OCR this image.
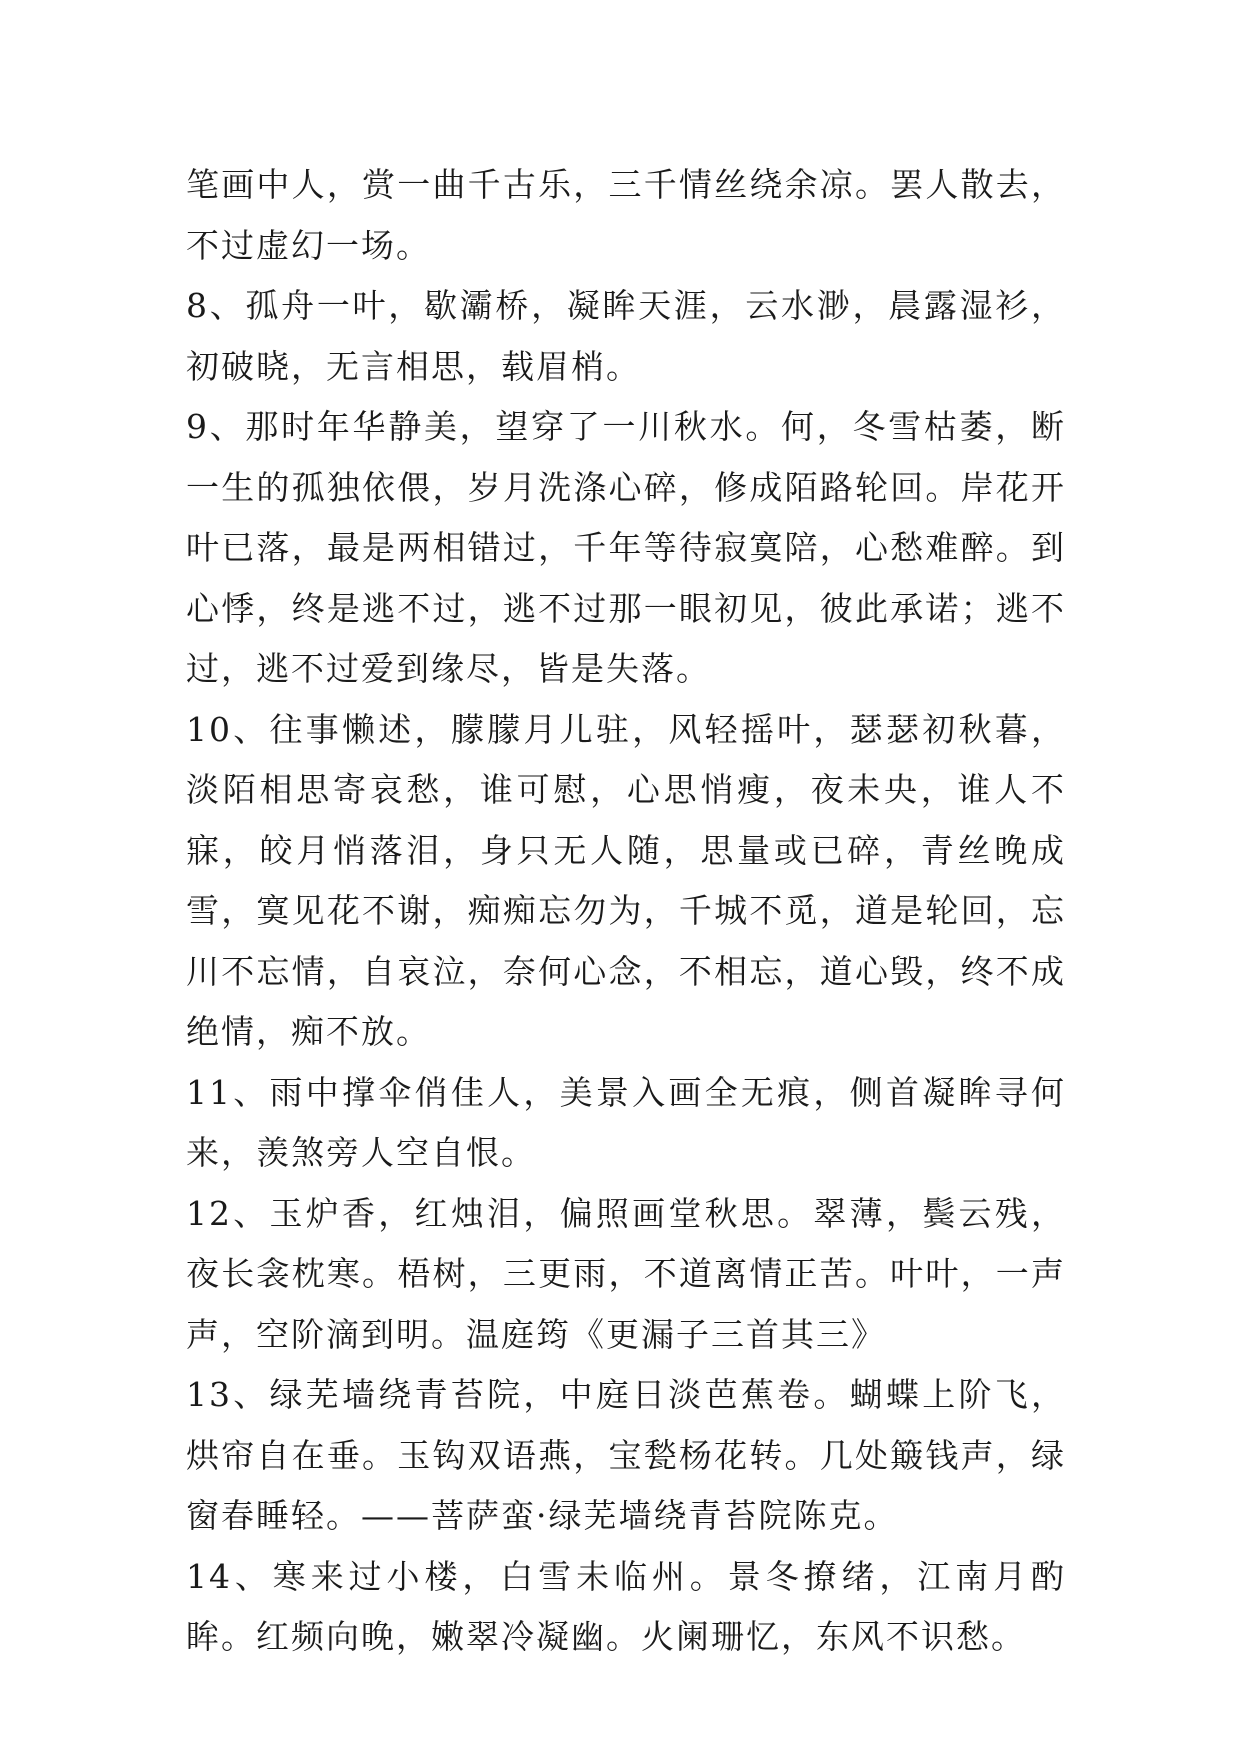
笔画中人，赏一曲千古乐，三千情丝绕余凉。罢人散去，不过虚幻一场。

8、孤舟一叶，歇灞桥，凝眸天涯，云水渺，晨露湿衫，初破晓，无言相思，载眉梢。

9、那时年华静美，望穿了一川秋水。何，冬雪枯萎，断一生的孤独依偎，岁月洗涤心碎，修成陌路轮回。岸花开叶已落，最是两相错过，千年等待寂寞陪，心愁难醉。到心悸，终是逃不过，逃不过那一眼初见，彼此承诺；逃不过，逃不过爱到缘尽，皆是失落。

10、往事懒述，朦朦月儿驻，风轻摇叶，瑟瑟初秋暮，淡陌相思寄哀愁，谁可慰，心思悄瘦，夜未央，谁人不寐，皎月悄落泪，身只无人随，思量或已碎，青丝晚成雪，寞见花不谢，痴痴忘勿为，千城不觅，道是轮回，忘川不忘情，自哀泣，奈何心念，不相忘，道心毁，终不成绝情，痴不放。

11、雨中撑伞俏佳人，美景入画全无痕，侧首凝眸寻何来，羡煞旁人空自恨。

12、玉炉香，红烛泪，偏照画堂秋思。翠薄，鬓云残，夜长衾枕寒。梧树，三更雨，不道离情正苦。叶叶，一声声，空阶滴到明。温庭筠《更漏子三首其三》

13、绿芜墙绕青苔院，中庭日淡芭蕉卷。蝴蝶上阶飞，烘帘自在垂。玉钩双语燕，宝甃杨花转。几处簸钱声，绿窗春睡轻。——菩萨蛮·绿芜墙绕青苔院陈克。

14、寒来过小楼，白雪未临州。景冬撩绪，江南月酌眸。红频向晚，嫩翠冷凝幽。火阑珊忆，东风不识愁。
